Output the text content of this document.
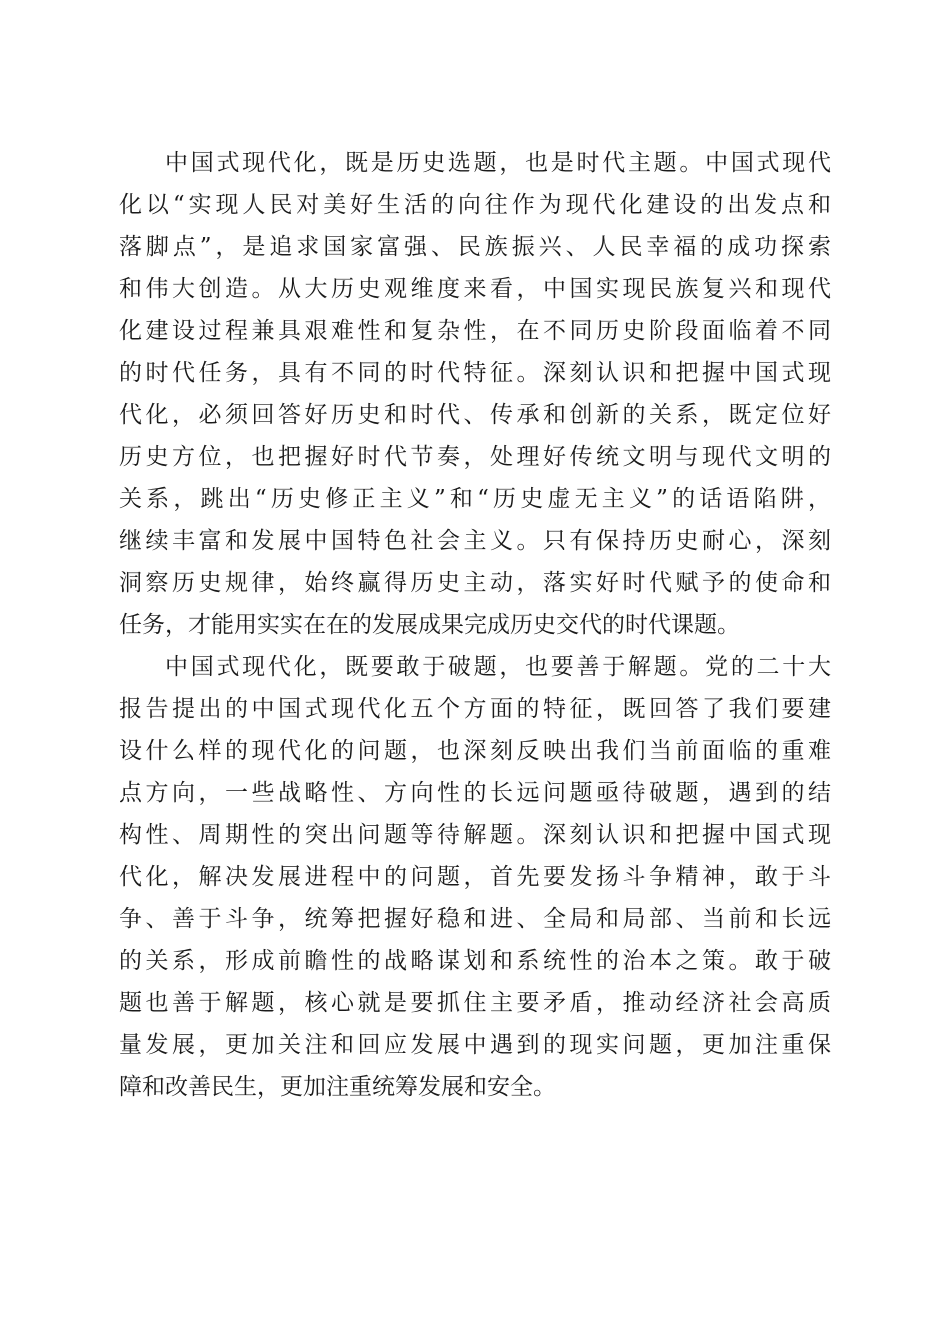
中国式现代化，既是历史选题，也是时代主题。中国式现代
化以“实现人民对美好生活的向往作为现代化建设的出发点和
落脚点”，是追求国家富强、民族振兴、人民幸福的成功探索
和伟大创造。从大历史观维度来看，中国实现民族复兴和现代
化建设过程兼具艰难性和复杂性，在不同历史阶段面临着不同
的时代任务，具有不同的时代特征。深刻认识和把握中国式现
代化，必须回答好历史和时代、传承和创新的关系，既定位好
历史方位，也把握好时代节奏，处理好传统文明与现代文明的
关系，跳出“历史修正主义”和“历史虚无主义”的话语陷阱，
继续丰富和发展中国特色社会主义。只有保持历史耐心，深刻
洞察历史规律，始终赢得历史主动，落实好时代赋予的使命和
任务，才能用实实在在的发展成果完成历史交代的时代课题。
中国式现代化，既要敢于破题，也要善于解题。党的二十大
报告提出的中国式现代化五个方面的特征，既回答了我们要建
设什么样的现代化的问题，也深刻反映出我们当前面临的重难
点方向，一些战略性、方向性的长远问题亟待破题，遇到的结
构性、周期性的突出问题等待解题。深刻认识和把握中国式现
代化，解决发展进程中的问题，首先要发扬斗争精神，敢于斗
争、善于斗争，统筹把握好稳和进、全局和局部、当前和长远
的关系，形成前瞻性的战略谋划和系统性的治本之策。敢于破
题也善于解题，核心就是要抓住主要矛盾，推动经济社会高质
量发展，更加关注和回应发展中遇到的现实问题，更加注重保
障和改善民生，更加注重统筹发展和安全。
